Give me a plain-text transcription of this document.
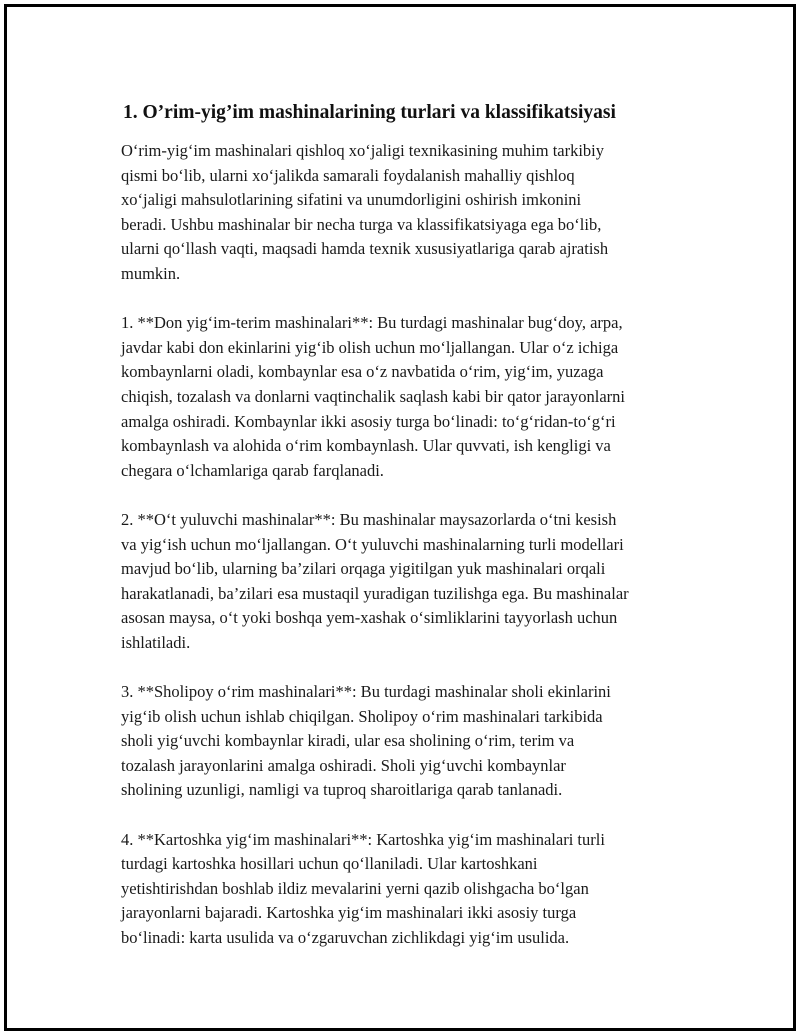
1. O’rim-yig’im mashinalarining turlari va klassifikatsiyasi

O‘rim-yig‘im mashinalari qishloq xo‘jaligi texnikasining muhim tarkibiy
qismi bo‘lib, ularni xo‘jalikda samarali foydalanish mahalliy qishloq
xo‘jaligi mahsulotlarining sifatini va unumdorligini oshirish imkonini
beradi. Ushbu mashinalar bir necha turga va klassifikatsiyaga ega bo‘lib,
ularni qo‘llash vaqti, maqsadi hamda texnik xususiyatlariga qarab ajratish
mumkin.

1. **Don yig‘im-terim mashinalari**: Bu turdagi mashinalar bug‘doy, arpa,
javdar kabi don ekinlarini yig‘ib olish uchun mo‘ljallangan. Ular o‘z ichiga
kombaynlarni oladi, kombaynlar esa o‘z navbatida o‘rim, yig‘im, yuzaga
chiqish, tozalash va donlarni vaqtinchalik saqlash kabi bir qator jarayonlarni
amalga oshiradi. Kombaynlar ikki asosiy turga bo‘linadi: to‘g‘ridan-to‘g‘ri
kombaynlash va alohida o‘rim kombaynlash. Ular quvvati, ish kengligi va
chegara o‘lchamlariga qarab farqlanadi.

2. **O‘t yuluvchi mashinalar**: Bu mashinalar maysazorlarda o‘tni kesish
va yig‘ish uchun mo‘ljallangan. O‘t yuluvchi mashinalarning turli modellari
mavjud bo‘lib, ularning ba’zilari orqaga yigitilgan yuk mashinalari orqali
harakatlanadi, ba’zilari esa mustaqil yuradigan tuzilishga ega. Bu mashinalar
asosan maysa, o‘t yoki boshqa yem-xashak o‘simliklarini tayyorlash uchun
ishlatiladi.

3. **Sholipoy o‘rim mashinalari**: Bu turdagi mashinalar sholi ekinlarini
yig‘ib olish uchun ishlab chiqilgan. Sholipoy o‘rim mashinalari tarkibida
sholi yig‘uvchi kombaynlar kiradi, ular esa sholining o‘rim, terim va
tozalash jarayonlarini amalga oshiradi. Sholi yig‘uvchi kombaynlar
sholining uzunligi, namligi va tuproq sharoitlariga qarab tanlanadi.

4. **Kartoshka yig‘im mashinalari**: Kartoshka yig‘im mashinalari turli
turdagi kartoshka hosillari uchun qo‘llaniladi. Ular kartoshkani
yetishtirishdan boshlab ildiz mevalarini yerni qazib olishgacha bo‘lgan
jarayonlarni bajaradi. Kartoshka yig‘im mashinalari ikki asosiy turga
bo‘linadi: karta usulida va o‘zgaruvchan zichlikdagi yig‘im usulida.
